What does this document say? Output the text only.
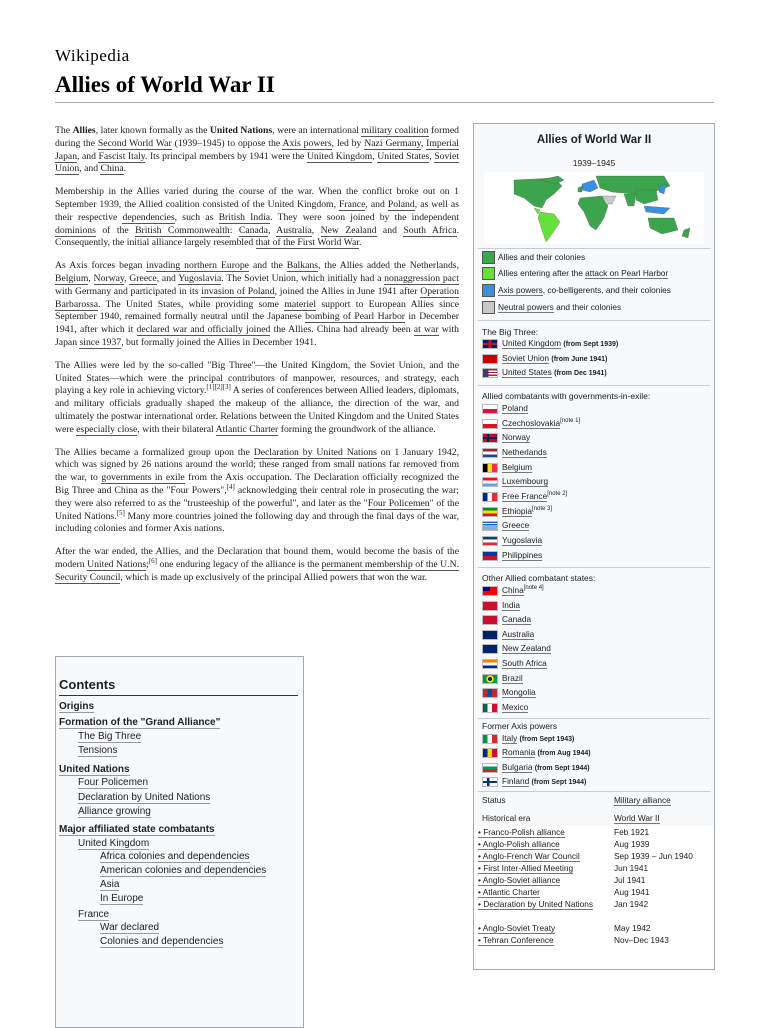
Wikipedia
Allies of World War II

The Allies, later known formally as the United Nations, were an international military coalition formed during the Second World War (1939–1945) to oppose the Axis powers, led by Nazi Germany, Imperial Japan, and Fascist Italy. Its principal members by 1941 were the United Kingdom, United States, Soviet Union, and China.

Membership in the Allies varied during the course of the war. When the conflict broke out on 1 September 1939, the Allied coalition consisted of the United Kingdom, France, and Poland, as well as their respective dependencies, such as British India. They were soon joined by the independent dominions of the British Commonwealth: Canada, Australia, New Zealand and South Africa. Consequently, the initial alliance largely resembled that of the First World War.

As Axis forces began invading northern Europe and the Balkans, the Allies added the Netherlands, Belgium, Norway, Greece, and Yugoslavia. The Soviet Union, which initially had a nonaggression pact with Germany and participated in its invasion of Poland, joined the Allies in June 1941 after Operation Barbarossa. The United States, while providing some materiel support to European Allies since September 1940, remained formally neutral until the Japanese bombing of Pearl Harbor in December 1941, after which it declared war and officially joined the Allies. China had already been at war with Japan since 1937, but formally joined the Allies in December 1941.

The Allies were led by the so-called "Big Three"—the United Kingdom, the Soviet Union, and the United States—which were the principal contributors of manpower, resources, and strategy, each playing a key role in achieving victory.[1][2][3] A series of conferences between Allied leaders, diplomats, and military officials gradually shaped the makeup of the alliance, the direction of the war, and ultimately the postwar international order. Relations between the United Kingdom and the United States were especially close, with their bilateral Atlantic Charter forming the groundwork of the alliance.

The Allies became a formalized group upon the Declaration by United Nations on 1 January 1942, which was signed by 26 nations around the world; these ranged from small nations far removed from the war, to governments in exile from the Axis occupation. The Declaration officially recognized the Big Three and China as the "Four Powers",[4] acknowledging their central role in prosecuting the war; they were also referred to as the "trusteeship of the powerful", and later as the "Four Policemen" of the United Nations.[5] Many more countries joined the following day and through the final days of the war, including colonies and former Axis nations.

After the war ended, the Allies, and the Declaration that bound them, would become the basis of the modern United Nations;[6] one enduring legacy of the alliance is the permanent membership of the U.N. Security Council, which is made up exclusively of the principal Allied powers that won the war.

Contents
Origins
Formation of the "Grand Alliance"
The Big Three
Tensions
United Nations
Four Policemen
Declaration by United Nations
Alliance growing
Major affiliated state combatants
United Kingdom
Africa colonies and dependencies
American colonies and dependencies
Asia
In Europe
France
War declared
Colonies and dependencies
Allies of World War II
1939–1945
Allies and their colonies
Allies entering after the attack on Pearl Harbor
Axis powers, co-belligerents, and their colonies
Neutral powers and their colonies
The Big Three:
United Kingdom (from Sept 1939)
Soviet Union (from June 1941)
United States (from Dec 1941)
Allied combatants with governments-in-exile:
Poland
Czechoslovakia[note 1]
Norway
Netherlands
Belgium
Luxembourg
Free France[note 2]
Ethiopia[note 3]
Greece
Yugoslavia
Philippines
Other Allied combatant states:
China[note 4]
India
Canada
Australia
New Zealand
South Africa
Brazil
Mongolia
Mexico
Former Axis powers
Italy (from Sept 1943)
Romania (from Aug 1944)
Bulgaria (from Sept 1944)
Finland (from Sept 1944)
Status	Military alliance
Historical era	World War II
• Franco-Polish alliance	Feb 1921
• Anglo-Polish alliance	Aug 1939
• Anglo-French War Council	Sep 1939 – Jun 1940
• First Inter-Allied Meeting	Jun 1941
• Anglo-Soviet alliance	Jul 1941
• Atlantic Charter	Aug 1941
• Declaration by United Nations	Jan 1942
• Anglo-Soviet Treaty	May 1942
• Tehran Conference	Nov–Dec 1943
